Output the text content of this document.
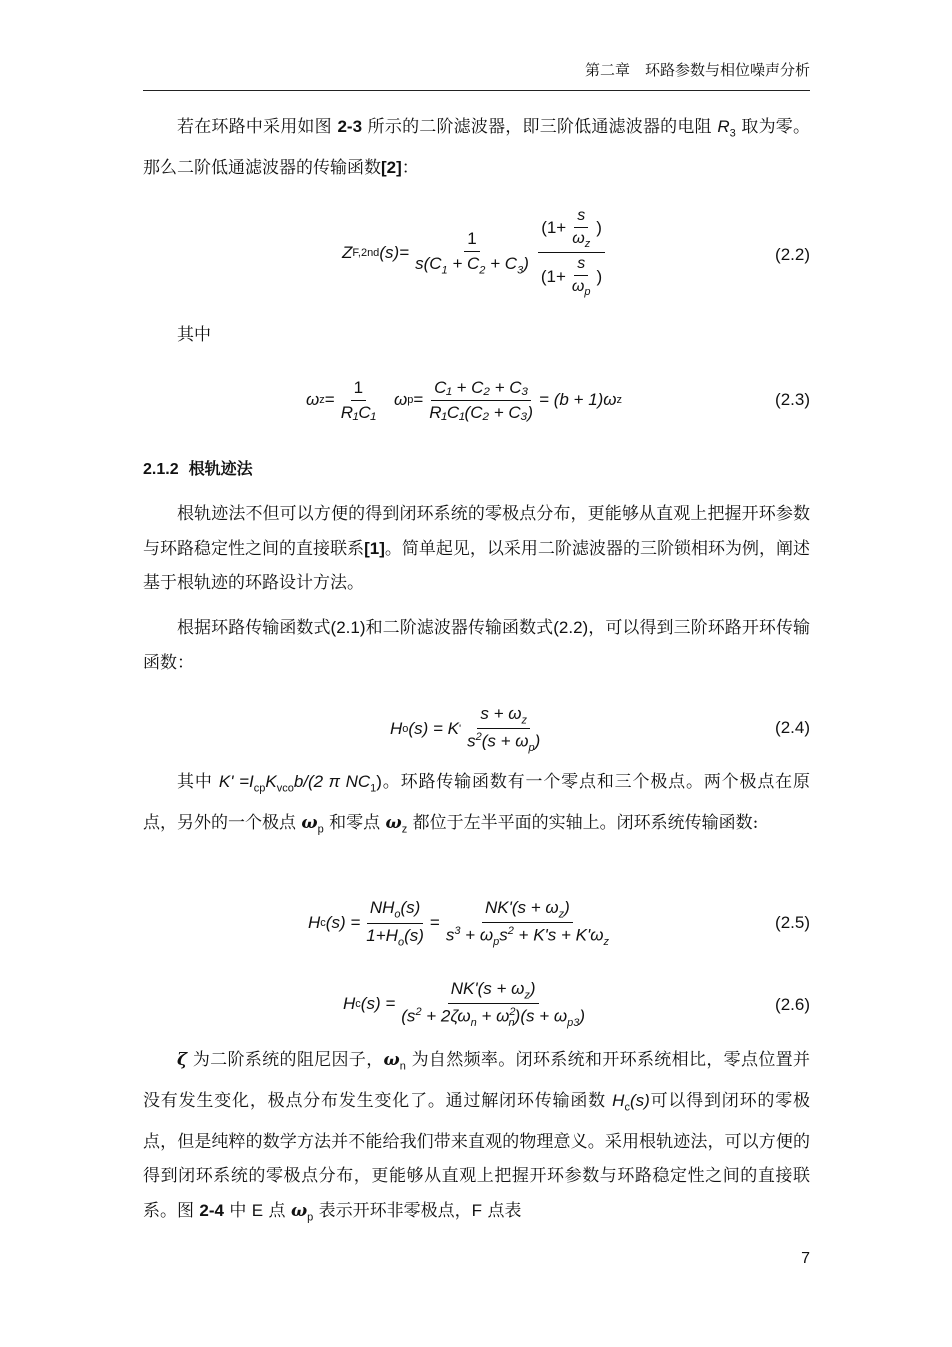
第二章　环路参数与相位噪声分析

若在环路中采用如图 2-3 所示的二阶滤波器，即三阶低通滤波器的电阻 $R_3$ 取为零。那么二阶低通滤波器的传输函数[2]：

Z F,2nd $(s)= \frac{1}{s(C_1 + C_2 + C_3)} \frac{(1+ \frac{s}{\omega_z} )}{(1+ \frac{s}{\omega_p} )}$	(2.2)

其中

ω $z = \frac{1}{\text{R₁C₁}}$ ω $p = \frac{\text{C₁ + C₂ + C₃}}{\text{R₁C₁(C₂ + C₃)}} = (b + 1)\omega$ z	(2.3)
2.1.2 根轨迹法

根轨迹法不但可以方便的得到闭环系统的零极点分布，更能够从直观上把握开环参数与环路稳定性之间的直接联系[1]。简单起见，以采用二阶滤波器的三阶锁相环为例，阐述基于根轨迹的环路设计方法。

根据环路传输函数式(2.1)和二阶滤波器传输函数式(2.2)，可以得到三阶环路开环传输函数：

H o (s) = K ' $\frac{s + \omega_z}{s^2(s + \omega_p)}$	(2.4)

其中 $K' =I_{cp}K_{vco}b/(2$ π $NC_1$)。环路传输函数有一个零点和三个极点。两个极点在原点，另外的一个极点 $\omega_p$ 和零点 $\omega_z$ 都位于左半平面的实轴上。闭环系统传输函数:

H c $(s) = \frac{NH_o(s)}{1+H_o(s)} = \frac{NK'(s + \omega_z)}{s^3 + \omega_ps^2 + K's + K'\omega_z}$	(2.5)
H c $(s) = \frac{NK'(s + \omega_z)}{(s^2 + 2\zeta\omega_n + \omega^2_n)(s + \omega_{p3})}$	(2.6)

ζ 为二阶系统的阻尼因子，$\omega_n$ 为自然频率。闭环系统和开环系统相比，零点位置并没有发生变化，极点分布发生变化了。通过解闭环传输函数 $H_c(s)$可以得到闭环的零极点，但是纯粹的数学方法并不能给我们带来直观的物理意义。采用根轨迹法，可以方便的得到闭环系统的零极点分布，更能够从直观上把握开环参数与环路稳定性之间的直接联系。图 2-4 中 E 点 $\omega_p$ 表示开环非零极点，F 点表

7
